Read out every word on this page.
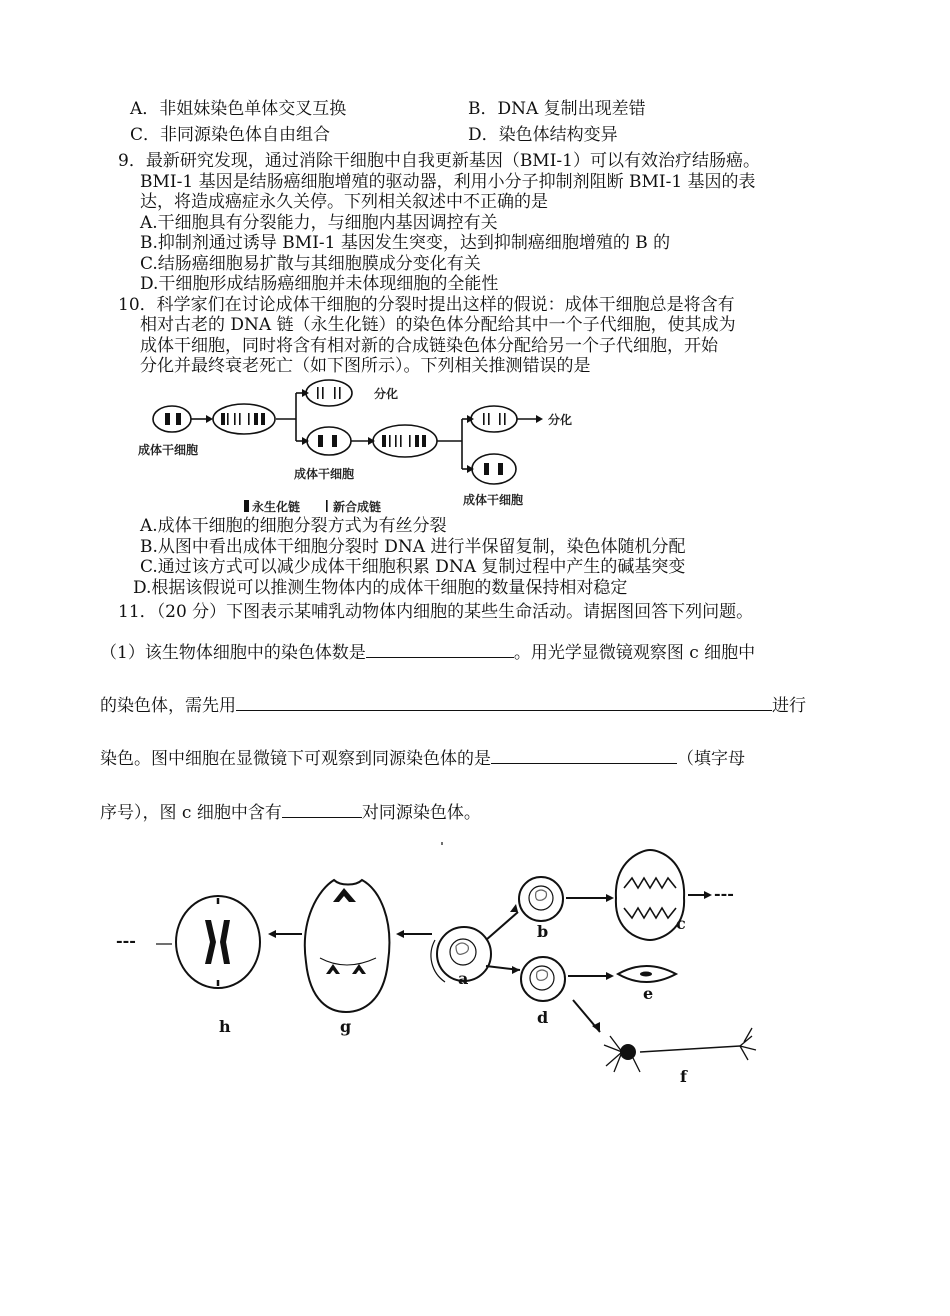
A．非姐妹染色单体交叉互换	B．DNA 复制出现差错
C．非同源染色体自由组合	D．染色体结构变异
9．最新研究发现，通过消除干细胞中自我更新基因（BMI-1）可以有效治疗结肠癌。
BMI-1 基因是结肠癌细胞增殖的驱动器，利用小分子抑制剂阻断 BMI-1 基因的表
达，将造成癌症永久关停。下列相关叙述中不正确的是
A.干细胞具有分裂能力，与细胞内基因调控有关
B.抑制剂通过诱导 BMI-1 基因发生突变，达到抑制癌细胞增殖的 B 的
C.结肠癌细胞易扩散与其细胞膜成分变化有关
D.干细胞形成结肠癌细胞并未体现细胞的全能性
10．科学家们在讨论成体干细胞的分裂时提出这样的假说：成体干细胞总是将含有
相对古老的 DNA 链（永生化链）的染色体分配给其中一个子代细胞，使其成为
成体干细胞，同时将含有相对新的合成链染色体分配给另一个子代细胞，开始
分化并最终衰老死亡（如下图所示）。下列相关推测错误的是
成体干细胞
成体干细胞
成体干细胞
分化
分化
永生化链	新合成链
A.成体干细胞的细胞分裂方式为有丝分裂
B.从图中看出成体干细胞分裂时 DNA 进行半保留复制，染色体随机分配
C.通过该方式可以减少成体干细胞积累 DNA 复制过程中产生的碱基突变
D.根据该假说可以推测生物体内的成体干细胞的数量保持相对稳定
11．（20 分）下图表示某哺乳动物体内细胞的某些生命活动。请据图回答下列问题。
（1）该生物体细胞中的染色体数是	。用光学显微镜观察图 c 细胞中
的染色体，需先用	进行
染色。图中细胞在显微镜下可观察到同源染色体的是	（填字母
序号），图 c 细胞中含有	对同源染色体。
a
b	c
d
e
f
g
h
---
---
